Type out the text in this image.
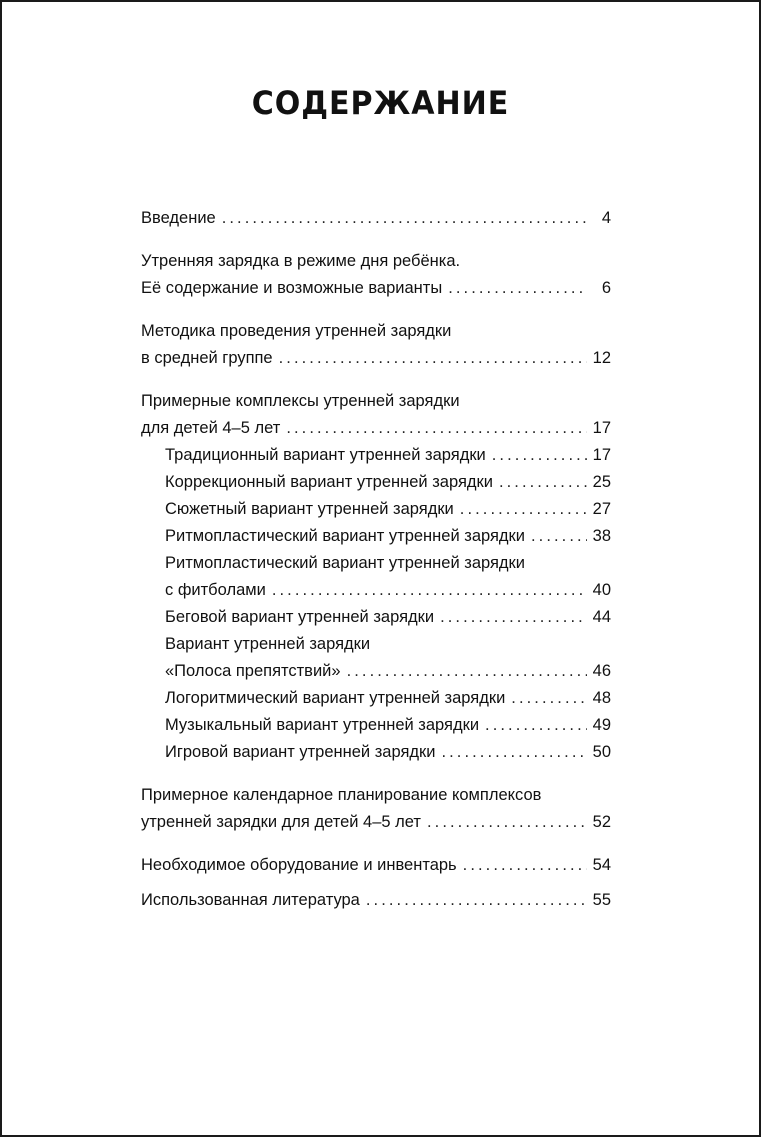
СОДЕРЖАНИЕ
Введение . . .	4
Утренняя зарядка в режиме дня ребёнка.
Её содержание и возможные варианты . . .	6
Методика проведения утренней зарядки
в средней группе . . .	12
Примерные комплексы утренней зарядки
для детей 4–5 лет . . .	17
Традиционный вариант утренней зарядки . . .	17
Коррекционный вариант утренней зарядки . . .	25
Сюжетный вариант утренней зарядки . . .	27
Ритмопластический вариант утренней зарядки . . .	38
Ритмопластический вариант утренней зарядки
с фитболами . . .	40
Беговой вариант утренней зарядки . . .	44
Вариант утренней зарядки
«Полоса препятствий» . . .	46
Логоритмический вариант утренней зарядки . . .	48
Музыкальный вариант утренней зарядки . . .	49
Игровой вариант утренней зарядки . . .	50
Примерное календарное планирование комплексов
утренней зарядки для детей 4–5 лет . . .	52
Необходимое оборудование и инвентарь . . .	54
Использованная литература . . .	55
